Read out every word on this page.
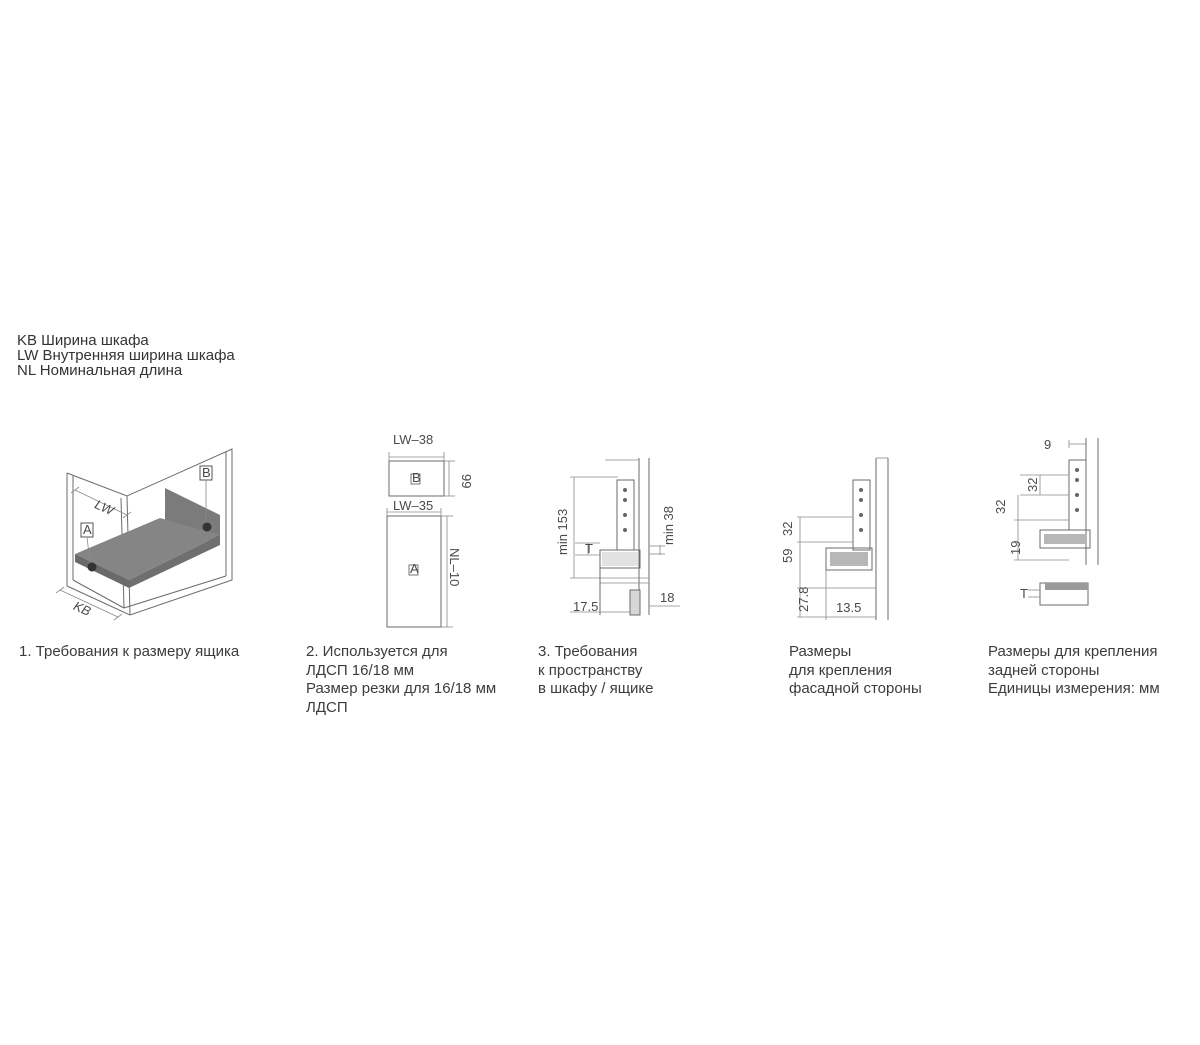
KB Ширина шкафа
LW Внутренняя ширина шкафа
NL Номинальная длина
LW
KB
A
B
LW–38
99
B
LW–35
NL–10
A
min 153 T
min 38
17.5
18
32
59
27.8 13.5
9
32
32
19
T
1. Требования к размеру ящика	2. Используется для
ЛДСП 16/18 мм
Размер резки для 16/18 мм
ЛДСП
3. Требования
к пространству
в шкафу / ящике
Размеры
для крепления
фасадной стороны
Размеры для крепления
задней стороны
Единицы измерения: мм
